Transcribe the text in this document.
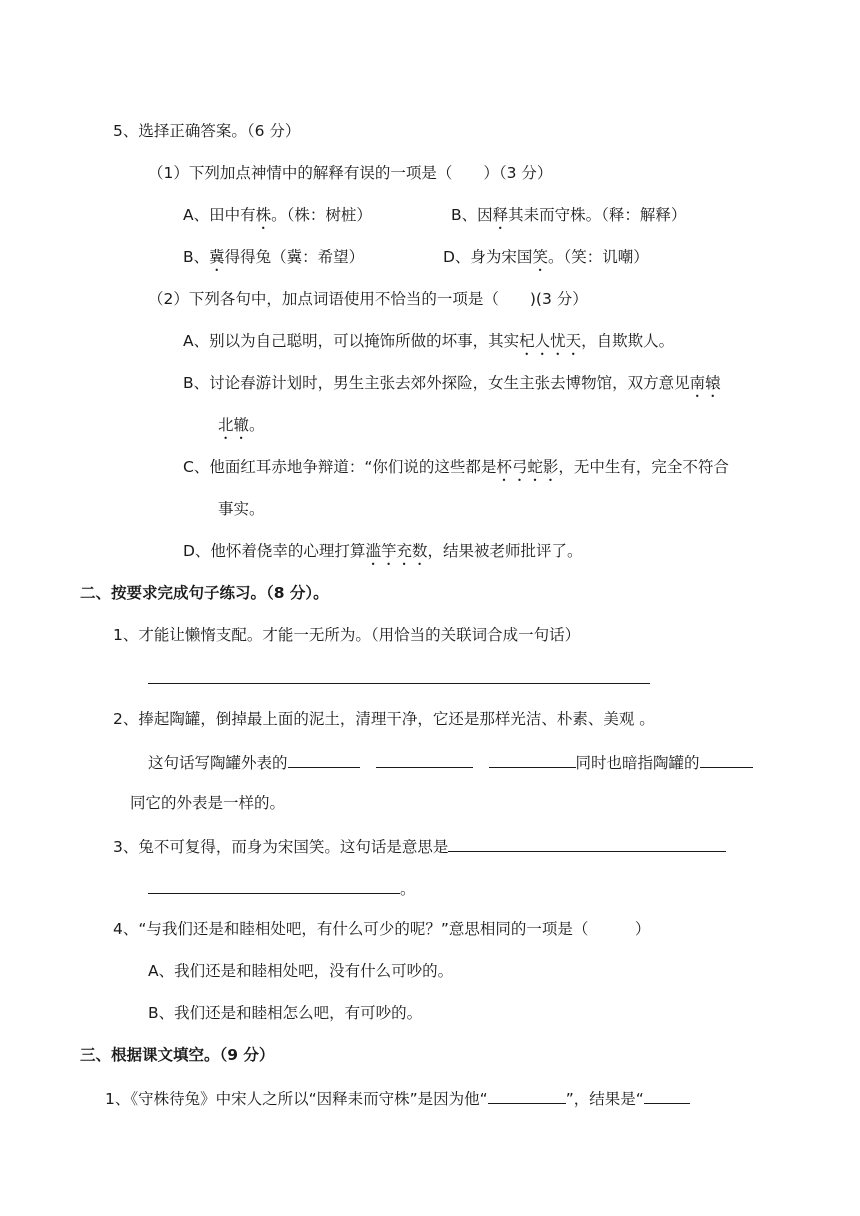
5、选择正确答案。（6 分）
（1）下列加点神情中的解释有误的一项是（　　）（3 分）
A、田中有株。（株：树桩）	B、因释其耒而守株。（释：解释）
B、冀得得兔（冀：希望）	D、身为宋国笑。（笑：讥嘲）
（2）下列各句中，加点词语使用不恰当的一项是（　　)(3 分）
A、别以为自己聪明，可以掩饰所做的坏事，其实杞人忧天，自欺欺人。
B、讨论春游计划时，男生主张去郊外探险，女生主张去博物馆，双方意见南辕
北辙。
C、他面红耳赤地争辩道：“你们说的这些都是杯弓蛇影，无中生有，完全不符合
事实。
D、他怀着侥幸的心理打算滥竽充数，结果被老师批评了。
二、按要求完成句子练习。（8 分）。
1、才能让懒惰支配。才能一无所为。（用恰当的关联词合成一句话）
2、捧起陶罐，倒掉最上面的泥土，清理干净，它还是那样光洁、朴素、美观 。
这句话写陶罐外表的	同时也暗指陶罐的
同它的外表是一样的。
3、兔不可复得，而身为宋国笑。这句话是意思是
。
4、“与我们还是和睦相处吧，有什么可少的呢？”意思相同的一项是（　　　）
A、我们还是和睦相处吧，没有什么可吵的。
B、我们还是和睦相怎么吧，有可吵的。
三、根据课文填空。（9 分）
1、《守株待兔》中宋人之所以“因释耒而守株”是因为他“	”，结果是“
